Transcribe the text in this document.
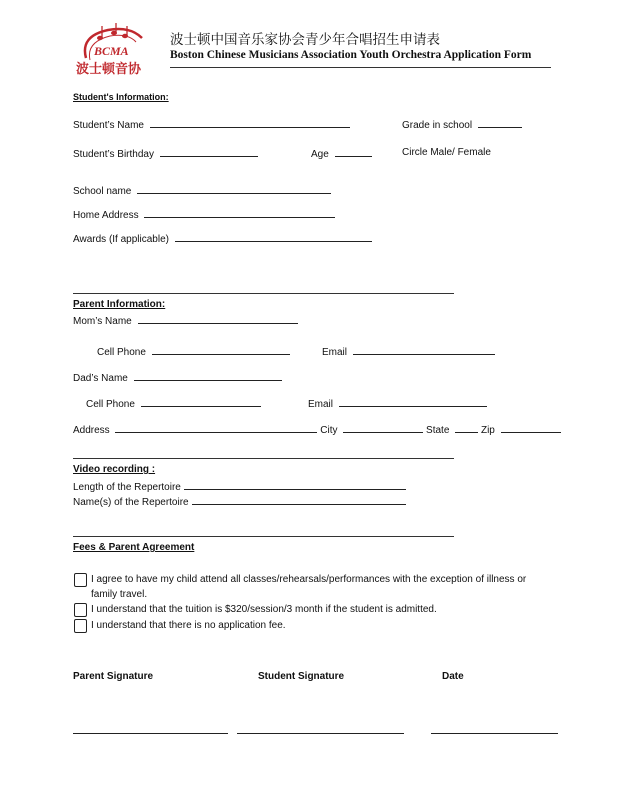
BCMA
波士顿音协
波士顿中国音乐家协会青少年合唱招生申请表
Boston Chinese Musicians Association Youth Orchestra Application Form
Student's Information:
Student’s Name	Grade in school
Student’s Birthday	Age	Circle Male/ Female
School name
Home Address
Awards (If applicable)
Parent Information:
Mom’s Name
Cell Phone	Email
Dad’s Name
Cell Phone	Email
Address	City	State	Zip
Video recording :
Length of the Repertoire
Name(s) of the Repertoire
Fees & Parent Agreement
I agree to have my child attend all classes/rehearsals/performances with the exception of illness or family travel.
I understand that the tuition is $320/session/3 month if the student is admitted.
I understand that there is no application fee.
Parent Signature	Student Signature	Date
